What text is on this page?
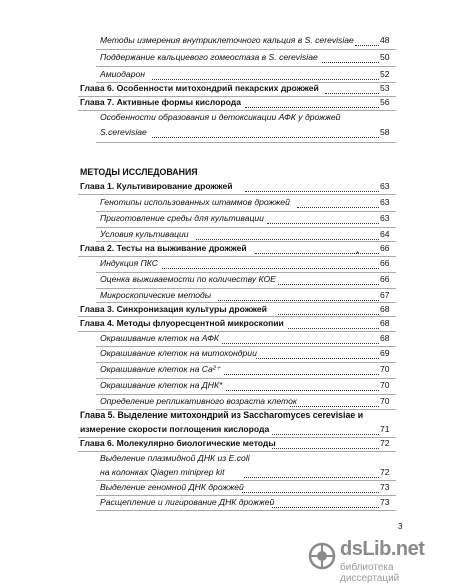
Методы измерения внутриклеточного кальция в S. cerevisiae	48
Поддержание кальциевого гомеостаза в S. cerevisiae	50
Амиодарон	52
Глава 6. Особенности митохондрий пекарских дрожжей	53
Глава 7. Активные формы кислорода	56
Особенности образования и детоксикации АФК у дрожжей
S.cerevisiae	58
МЕТОДЫ ИССЛЕДОВАНИЯ
Глава 1. Культивирование дрожжей	63
Генотипы использованных штаммов дрожжей	63
Приготовление среды для культивации	63
Условия культивации	64
Глава 2. Тесты на выживание дрожжей	66
Индукция ПКС	66
*
Оценка выживаемости по количеству КОЕ	66
Микроскопические методы	67
Глава 3. Синхронизация культуры дрожжей	68
Глава 4. Методы флуоресцентной микроскопии	68
Окрашивание клеток на АФК	68
Окрашивание клеток на митохондрии	69
Окрашивание клеток на Ca²⁺	70
Окрашивание клеток на ДНК*	70
Определение репликативного возраста клеток	70
Глава 5. Выделение митохондрий из Saccharomyces cerevisiae и
измерение скорости поглощения кислорода	71
Глава 6. Молекулярно биологические методы	72
Выделение плазмидной ДНК из E.coli
на колонках Qiagen miniprep kit	72
Выделение геномной ДНК дрожжей	73
Расщепление и лигирование ДНК дрожжей	73
3
dsLib.net
библиотека диссертаций
